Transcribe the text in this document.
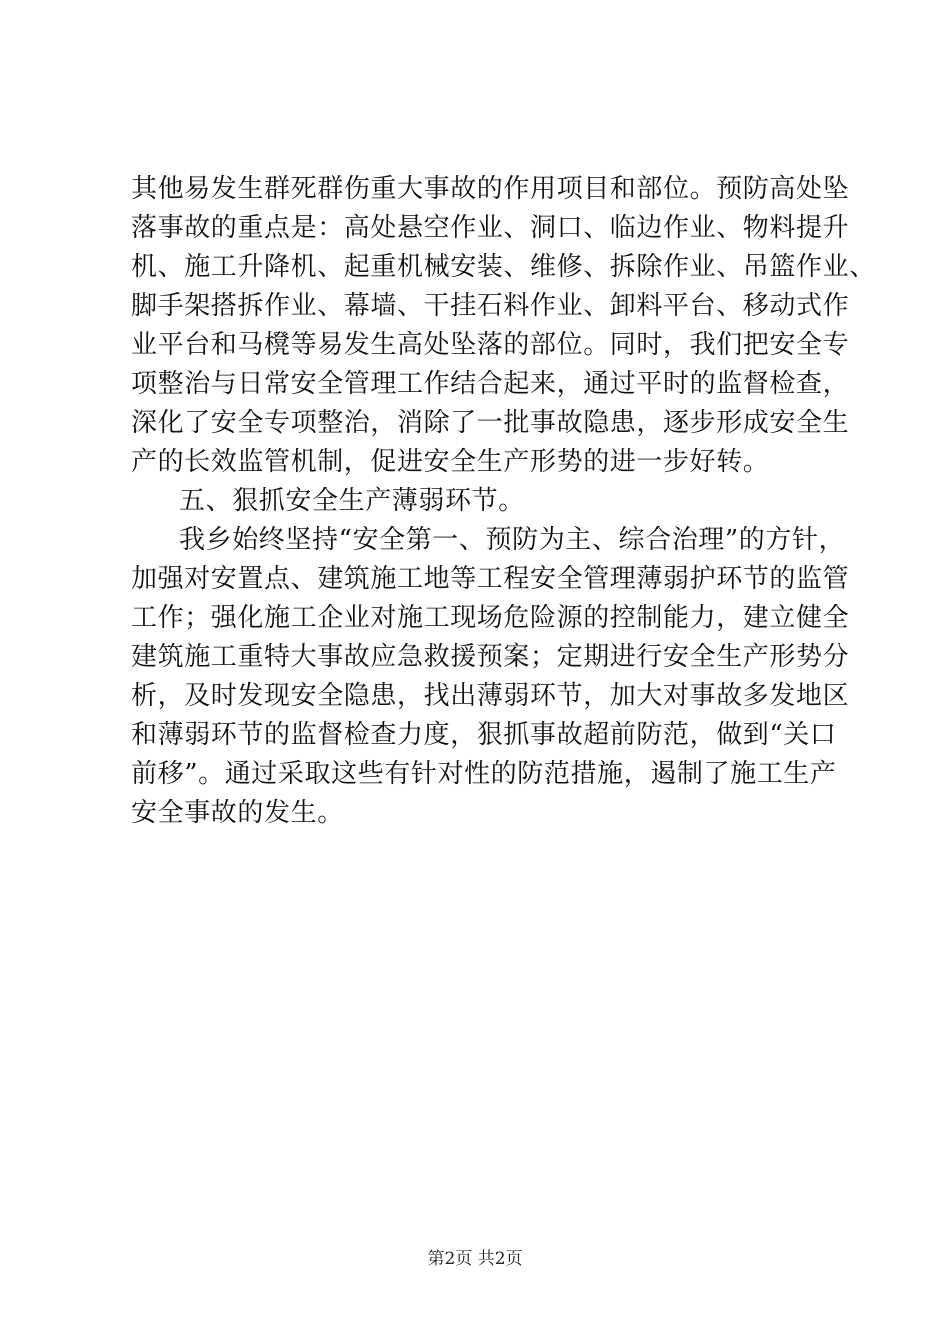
其他易发生群死群伤重大事故的作用项目和部位。预防高处坠
落事故的重点是：高处悬空作业、洞口、临边作业、物料提升
机、施工升降机、起重机械安装、维修、拆除作业、吊篮作业、
脚手架搭拆作业、幕墙、干挂石料作业、卸料平台、移动式作
业平台和马櫈等易发生高处坠落的部位。同时，我们把安全专
项整治与日常安全管理工作结合起来，通过平时的监督检查，
深化了安全专项整治，消除了一批事故隐患，逐步形成安全生
产的长效监管机制，促进安全生产形势的进一步好转。
五、狠抓安全生产薄弱环节。
我乡始终坚持“安全第一、预防为主、综合治理”的方针，
加强对安置点、建筑施工地等工程安全管理薄弱护环节的监管
工作；强化施工企业对施工现场危险源的控制能力，建立健全
建筑施工重特大事故应急救援预案；定期进行安全生产形势分
析，及时发现安全隐患，找出薄弱环节，加大对事故多发地区
和薄弱环节的监督检查力度，狠抓事故超前防范，做到“关口
前移”。通过采取这些有针对性的防范措施，遏制了施工生产
安全事故的发生。
第2页 共2页
